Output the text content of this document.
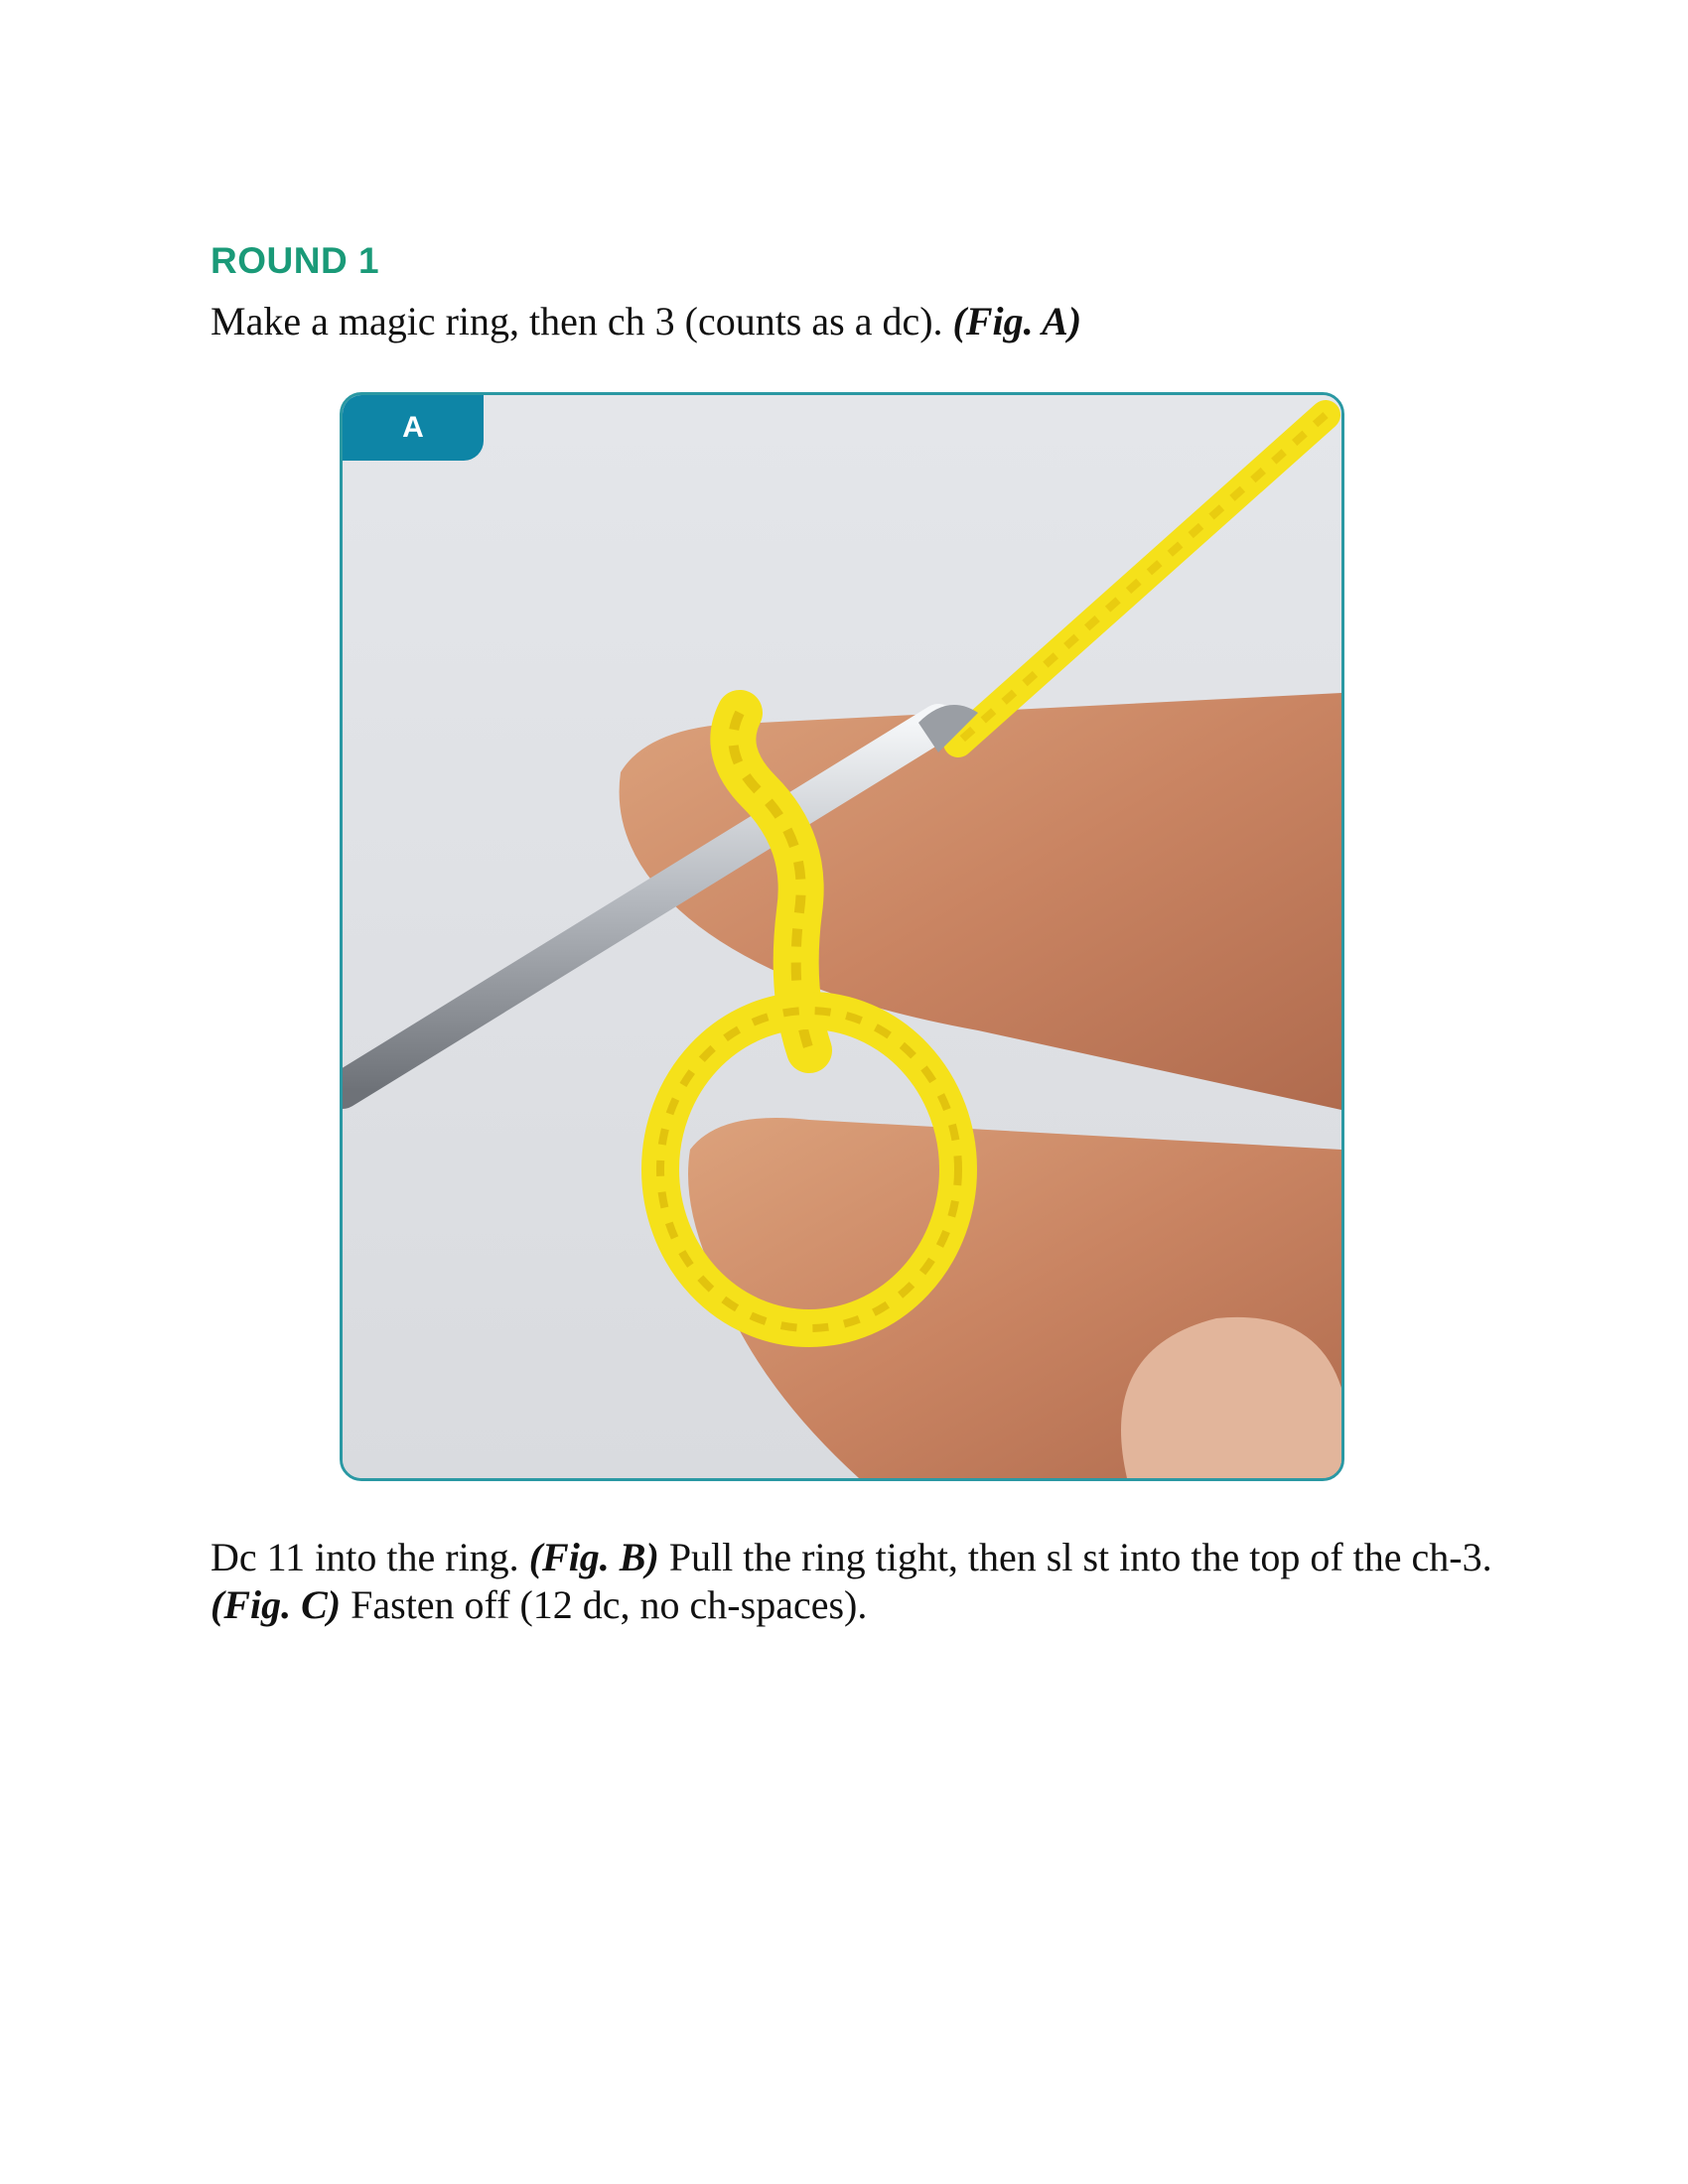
ROUND 1

Make a magic ring, then ch 3 (counts as a dc). (Fig. A)

A

Dc 11 into the ring. (Fig. B) Pull the ring tight, then sl st into the top of the ch-3. (Fig. C) Fasten off (12 dc, no ch-spaces).
